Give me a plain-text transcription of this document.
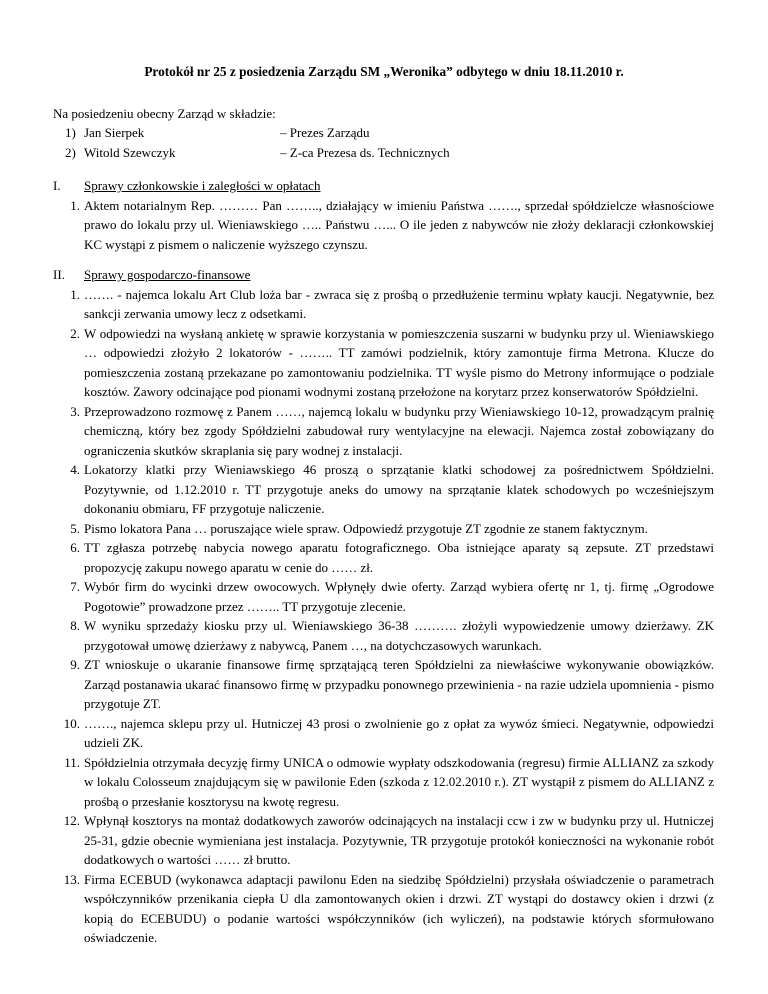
Protokół nr 25 z posiedzenia Zarządu SM „Weronika” odbytego w dniu 18.11.2010 r.
Na posiedzeniu obecny Zarząd w składzie:
1) Jan Sierpek	– Prezes Zarządu
2) Witold Szewczyk	– Z-ca Prezesa ds. Technicznych
I. Sprawy członkowskie i zaległości w opłatach
1. Aktem notarialnym Rep. ……… Pan …….., działający w imieniu Państwa ……., sprzedał spółdzielcze własnościowe prawo do lokalu przy ul. Wieniawskiego ….. Państwu …... O ile jeden z nabywców nie złoży deklaracji członkowskiej KC wystąpi z pismem o naliczenie wyższego czynszu.
II. Sprawy gospodarczo-finansowe
1. ……. - najemca lokalu Art Club loża bar - zwraca się z prośbą o przedłużenie terminu wpłaty kaucji. Negatywnie, bez sankcji zerwania umowy lecz z odsetkami.
2. W odpowiedzi na wysłaną ankietę w sprawie korzystania w pomieszczenia suszarni w budynku przy ul. Wieniawskiego … odpowiedzi złożyło 2 lokatorów - …….. TT zamówi podzielnik, który zamontuje firma Metrona. Klucze do pomieszczenia zostaną przekazane po zamontowaniu podzielnika. TT wyśle pismo do Metrony informujące o podziale kosztów. Zawory odcinające pod pionami wodnymi zostaną przełożone na korytarz przez konserwatorów Spółdzielni.
3. Przeprowadzono rozmowę z Panem ……, najemcą lokalu w budynku przy Wieniawskiego 10-12, prowadzącym pralnię chemiczną, który bez zgody Spółdzielni zabudował rury wentylacyjne na elewacji. Najemca został zobowiązany do ograniczenia skutków skraplania się pary wodnej z instalacji.
4. Lokatorzy klatki przy Wieniawskiego 46 proszą o sprzątanie klatki schodowej za pośrednictwem Spółdzielni. Pozytywnie, od 1.12.2010 r. TT przygotuje aneks do umowy na sprzątanie klatek schodowych po wcześniejszym dokonaniu obmiaru, FF przygotuje naliczenie.
5. Pismo lokatora Pana … poruszające wiele spraw. Odpowiedź przygotuje ZT zgodnie ze stanem faktycznym.
6. TT zgłasza potrzebę nabycia nowego aparatu fotograficznego. Oba istniejące aparaty są zepsute. ZT przedstawi propozycję zakupu nowego aparatu w cenie do …… zł.
7. Wybór firm do wycinki drzew owocowych. Wpłynęły dwie oferty. Zarząd wybiera ofertę nr 1, tj. firmę „Ogrodowe Pogotowie” prowadzone przez …….. TT przygotuje zlecenie.
8. W wyniku sprzedaży kiosku przy ul. Wieniawskiego 36-38 ………. złożyli wypowiedzenie umowy dzierżawy. ZK przygotował umowę dzierżawy z nabywcą, Panem …, na dotychczasowych warunkach.
9. ZT wnioskuje o ukaranie finansowe firmę sprzątającą teren Spółdzielni za niewłaściwe wykonywanie obowiązków. Zarząd postanawia ukarać finansowo firmę w przypadku ponownego przewinienia - na razie udziela upomnienia - pismo przygotuje ZT.
10. ……., najemca sklepu przy ul. Hutniczej 43 prosi o zwolnienie go z opłat za wywóz śmieci. Negatywnie, odpowiedzi udzieli ZK.
11. Spółdzielnia otrzymała decyzję firmy UNICA o odmowie wypłaty odszkodowania (regresu) firmie ALLIANZ za szkody w lokalu Colosseum znajdującym się w pawilonie Eden (szkoda z 12.02.2010 r.). ZT wystąpił z pismem do ALLIANZ z prośbą o przesłanie kosztorysu na kwotę regresu.
12. Wpłynął kosztorys na montaż dodatkowych zaworów odcinających na instalacji ccw i zw w budynku przy ul. Hutniczej 25-31, gdzie obecnie wymieniana jest instalacja. Pozytywnie, TR przygotuje protokół konieczności na wykonanie robót dodatkowych o wartości …… zł brutto.
13. Firma ECEBUD (wykonawca adaptacji pawilonu Eden na siedzibę Spółdzielni) przysłała oświadczenie o parametrach współczynników przenikania ciepła U dla zamontowanych okien i drzwi. ZT wystąpi do dostawcy okien i drzwi (z kopią do ECEBUDU) o podanie wartości współczynników (ich wyliczeń), na podstawie których sformułowano oświadczenie.
